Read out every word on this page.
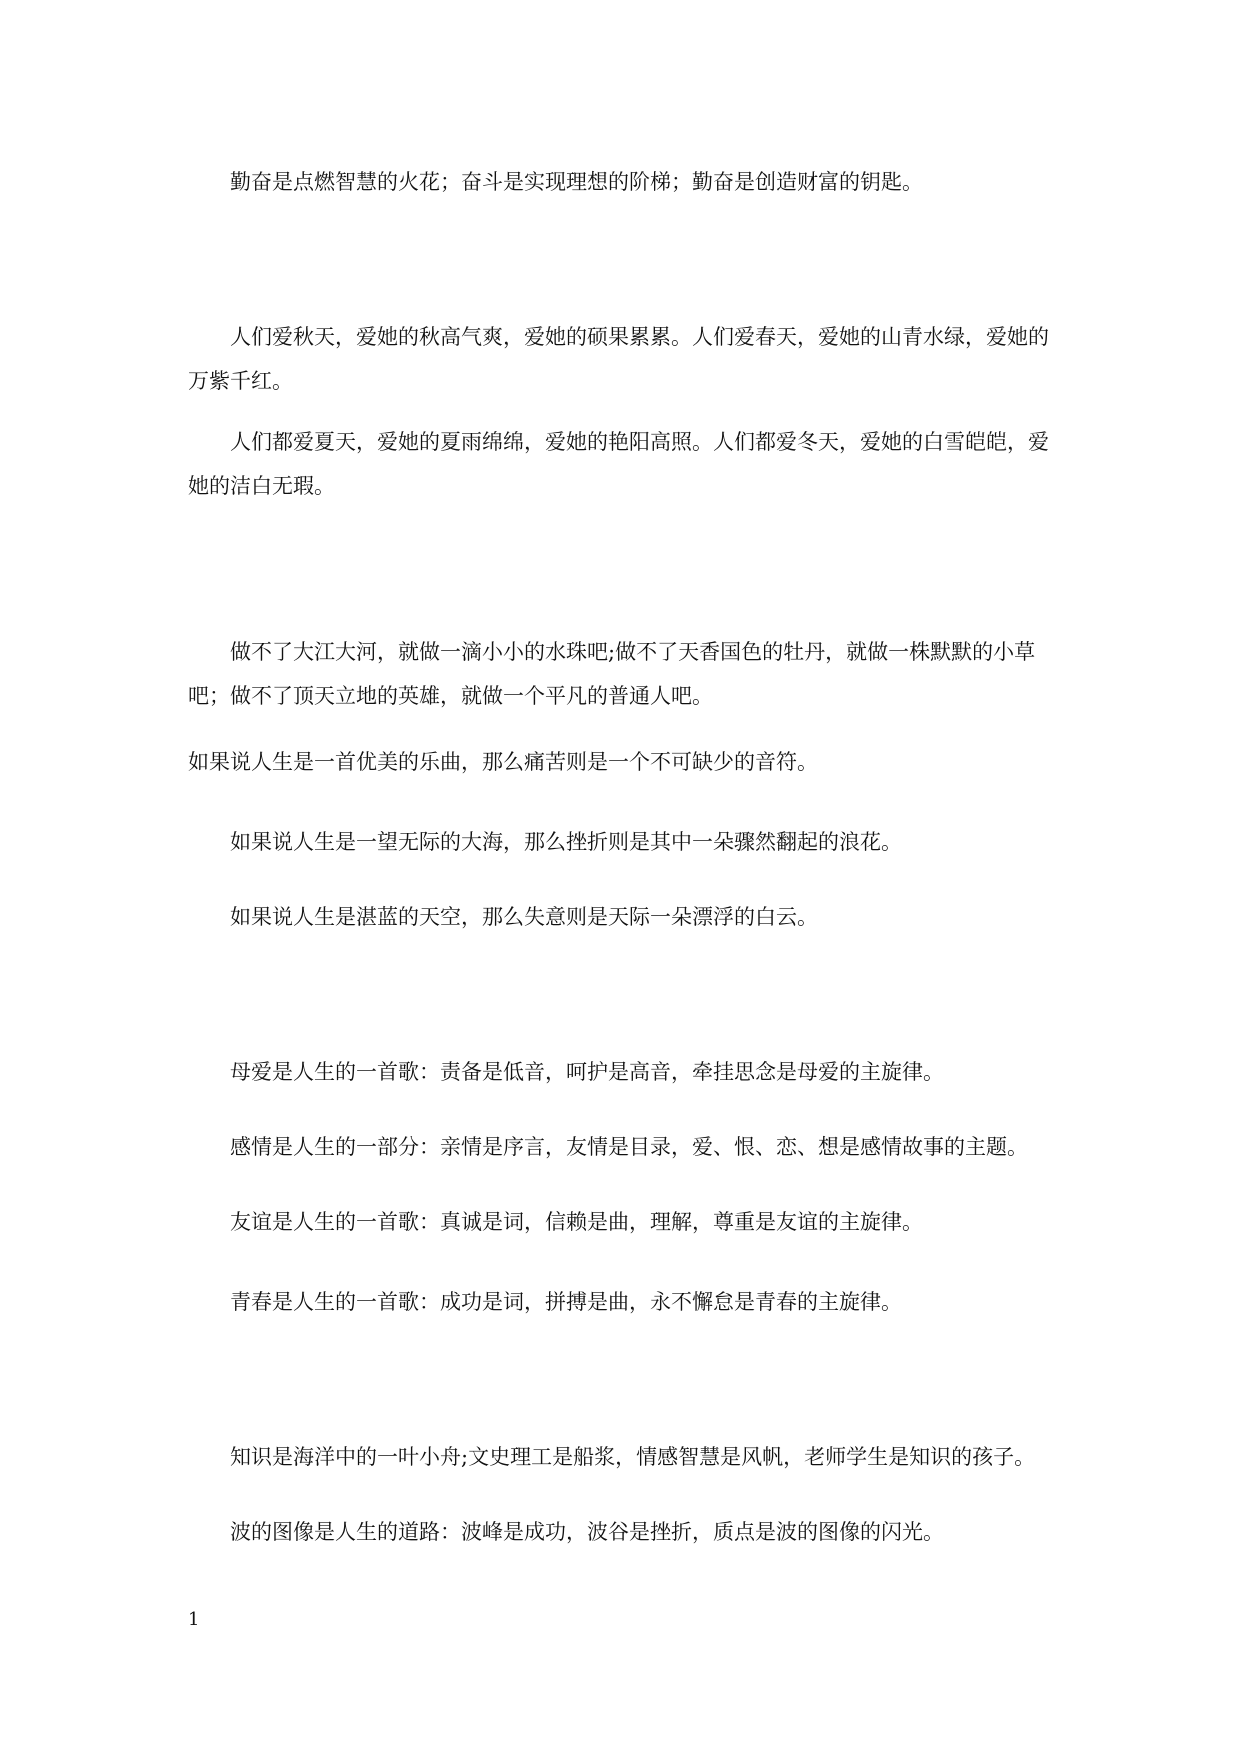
勤奋是点燃智慧的火花；奋斗是实现理想的阶梯；勤奋是创造财富的钥匙。

人们爱秋天，爱她的秋高气爽，爱她的硕果累累。人们爱春天，爱她的山青水绿，爱她的万紫千红。

人们都爱夏天，爱她的夏雨绵绵，爱她的艳阳高照。人们都爱冬天，爱她的白雪皑皑，爱她的洁白无瑕。

做不了大江大河，就做一滴小小的水珠吧;做不了天香国色的牡丹，就做一株默默的小草吧；做不了顶天立地的英雄，就做一个平凡的普通人吧。

如果说人生是一首优美的乐曲，那么痛苦则是一个不可缺少的音符。

如果说人生是一望无际的大海，那么挫折则是其中一朵骤然翻起的浪花。

如果说人生是湛蓝的天空，那么失意则是天际一朵漂浮的白云。

母爱是人生的一首歌：责备是低音，呵护是高音，牵挂思念是母爱的主旋律。

感情是人生的一部分：亲情是序言，友情是目录，爱、恨、恋、想是感情故事的主题。

友谊是人生的一首歌：真诚是词，信赖是曲，理解，尊重是友谊的主旋律。

青春是人生的一首歌：成功是词，拼搏是曲，永不懈怠是青春的主旋律。

知识是海洋中的一叶小舟;文史理工是船浆，情感智慧是风帆，老师学生是知识的孩子。

波的图像是人生的道路：波峰是成功，波谷是挫折，质点是波的图像的闪光。

1
